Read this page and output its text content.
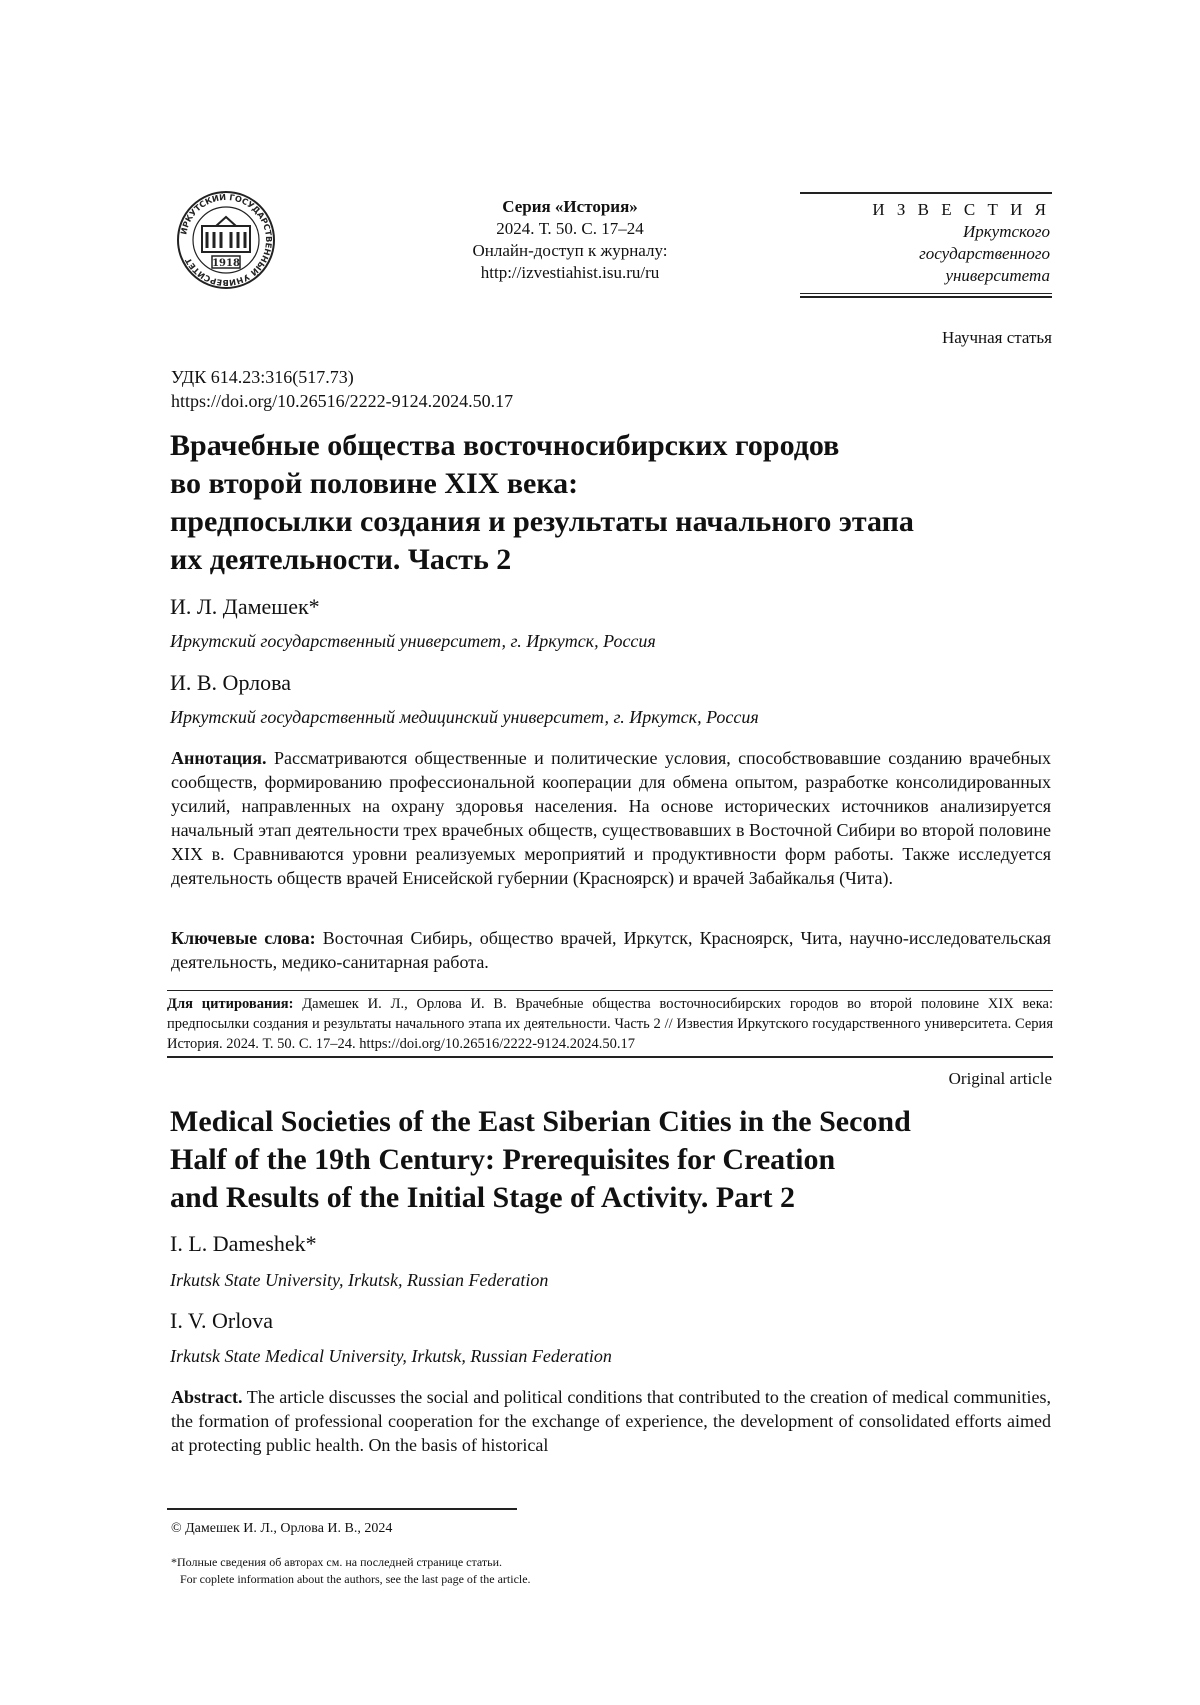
ИРКУТСКИЙ ГОСУДАРСТВЕННЫЙ УНИВЕРСИТЕТ	1918
Серия «История»
2024. Т. 50. С. 17–24
Онлайн-доступ к журналу:
http://izvestiahist.isu.ru/ru
И З В Е С Т И Я
Иркутского
государственного
университета
Научная статья
УДК 614.23:316(517.73)
https://doi.org/10.26516/2222-9124.2024.50.17
Врачебные общества восточносибирских городов
во второй половине XIX века:
предпосылки создания и результаты начального этапа
их деятельности. Часть 2
И. Л. Дамешек*
Иркутский государственный университет, г. Иркутск, Россия
И. В. Орлова
Иркутский государственный медицинский университет, г. Иркутск, Россия
Аннотация. Рассматриваются общественные и политические условия, способствовавшие созданию врачебных сообществ, формированию профессиональной кооперации для обмена опытом, разработке консолидированных усилий, направленных на охрану здоровья населения. На основе исторических источников анализируется начальный этап деятельности трех врачебных обществ, существовавших в Восточной Сибири во второй половине XIX в. Сравниваются уровни реализуемых мероприятий и продуктивности форм работы. Также исследуется деятельность обществ врачей Енисейской губернии (Красноярск) и врачей Забайкалья (Чита).
Ключевые слова: Восточная Сибирь, общество врачей, Иркутск, Красноярск, Чита, научно-исследовательская деятельность, медико-санитарная работа.
Для цитирования: Дамешек И. Л., Орлова И. В. Врачебные общества восточносибирских городов во второй половине XIX века: предпосылки создания и результаты начального этапа их деятельности. Часть 2 // Известия Иркутского государственного университета. Серия История. 2024. Т. 50. С. 17–24. https://doi.org/10.26516/2222-9124.2024.50.17
Original article
Medical Societies of the East Siberian Cities in the Second
Half of the 19th Century: Prerequisites for Creation
and Results of the Initial Stage of Activity. Part 2
I. L. Dameshek*
Irkutsk State University, Irkutsk, Russian Federation
I. V. Orlova
Irkutsk State Medical University, Irkutsk, Russian Federation
Abstract. The article discusses the social and political conditions that contributed to the creation of medical communities, the formation of professional cooperation for the exchange of experience, the development of consolidated efforts aimed at protecting public health. On the basis of historical
© Дамешек И. Л., Орлова И. В., 2024
*Полные сведения об авторах см. на последней странице статьи.
For coplete information about the authors, see the last page of the article.
